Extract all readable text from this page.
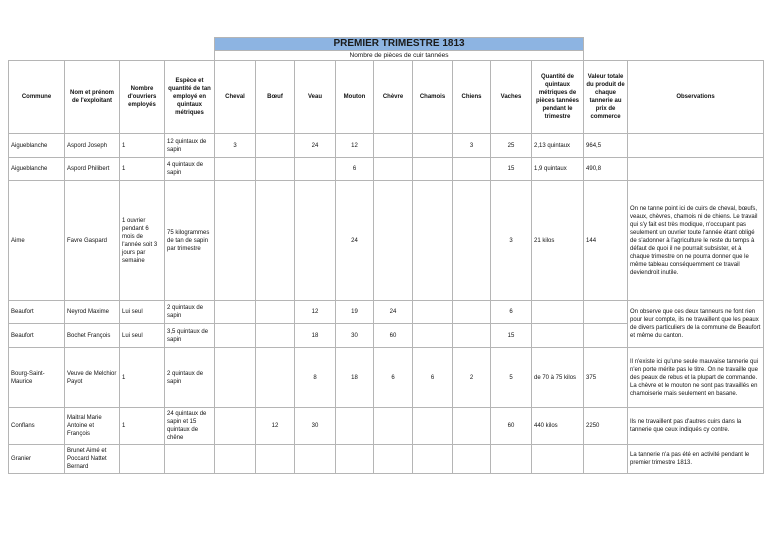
				PREMIER TRIMESTRE 1813										
				Nombre de pièces de cuir tannées										
Commune	Nom et prénom de l'exploitant	Nombre d'ouvriers employés	Espèce et quantité de tan employé en quintaux métriques	Cheval	Bœuf	Veau	Mouton	Chèvre	Chamois	Chiens	Vaches	Quantité de quintaux métriques de pièces tannées pendant le trimestre	Valeur totale du produit de chaque tannerie au prix de commerce	Observations
Aigueblanche	Aspord Joseph	1	12 quintaux de sapin	3		24	12			3	25	2,13 quintaux	964,5	
Aigueblanche	Aspord Philibert	1	4 quintaux de sapin				6				15	1,9 quintaux	490,8	
Aime	Favre Gaspard	1 ouvrier pendant 6 mois de l'année soit 3 jours par semaine	75 kilogrammes de tan de sapin par trimestre				24				3	21 kilos	144	On ne tanne point ici de cuirs de cheval, bœufs, veaux, chèvres, chamois ni de chiens. Le travail qui s'y fait est très modique, n'occupant pas seulement un ouvrier toute l'année étant obligé de s'adonner à l'agriculture le reste du temps à défaut de quoi il ne pourrait subsister, et à chaque trimestre on ne pourra donner que le même tableau conséquemment ce travail deviendroit inutile.
Beaufort	Neyrod Maxime	Lui seul	2 quintaux de sapin			12	19	24			6			On observe que ces deux tanneurs ne font rien pour leur compte, ils ne travaillent que les peaux de divers particuliers de la commune de Beaufort et même du canton.
Beaufort	Bochet François	Lui seul	3,5 quintaux de sapin			18	30	60			15			
Bourg-Saint-Maurice	Veuve de Melchior Payot	1	2 quintaux de sapin			8	18	6	6	2	5	de 70 à 75 kilos	375	Il n'existe ici qu'une seule mauvaise tannerie qui n'en porte mérite pas le titre. On ne travaille que des peaux de rebus et la plupart de commande. La chèvre et le mouton ne sont pas travaillés en chamoiserie mais seulement en basane.
Conflans	Maitral Marie Antoine et François	1	24 quintaux de sapin et 15 quintaux de chêne		12	30					60	440 kilos	2250	Ils ne travaillent pas d'autres cuirs dans la tannerie que ceux indiqués cy contre.
Granier	Brunet Aimé et Poccard Nattet Bernard													La tannerie n'a pas été en activité pendant le premier trimestre 1813.
